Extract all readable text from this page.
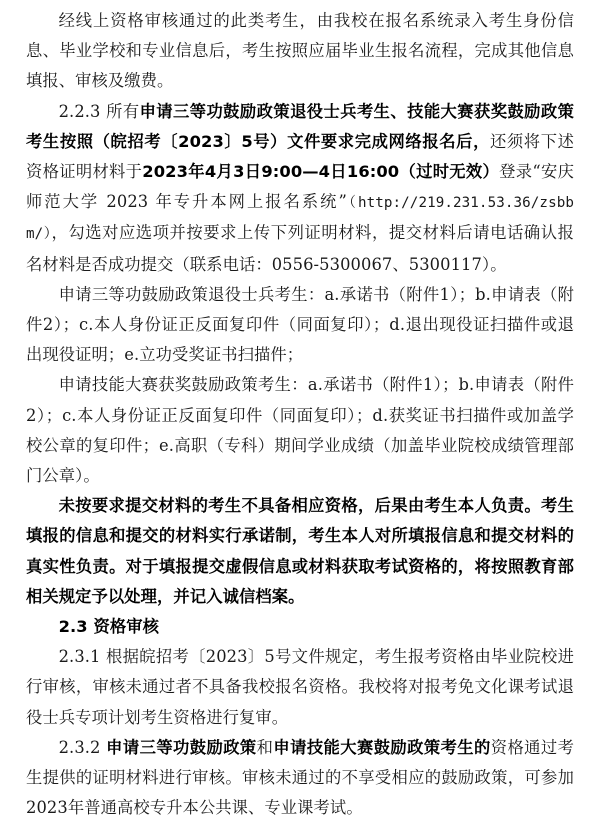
经线上资格审核通过的此类考生，由我校在报名系统录入考生身份信息、毕业学校和专业信息后，考生按照应届毕业生报名流程，完成其他信息填报、审核及缴费。

2.2.3 所有申请三等功鼓励政策退役士兵考生、技能大赛获奖鼓励政策考生按照（皖招考〔2023〕5号）文件要求完成网络报名后，还须将下述资格证明材料于2023年4月3日9:00—4日16:00（过时无效）登录“安庆师范大学 2023 年专升本网上报名系统”（http://219.231.53.36/zsbbm/），勾选对应选项并按要求上传下列证明材料，提交材料后请电话确认报名材料是否成功提交（联系电话：0556-5300067、5300117）。

申请三等功鼓励政策退役士兵考生：a.承诺书（附件1）；b.申请表（附件2）；c.本人身份证正反面复印件（同面复印）；d.退出现役证扫描件或退出现役证明；e.立功受奖证书扫描件；

申请技能大赛获奖鼓励政策考生：a.承诺书（附件1）；b.申请表（附件2）；c.本人身份证正反面复印件（同面复印）；d.获奖证书扫描件或加盖学校公章的复印件；e.高职（专科）期间学业成绩（加盖毕业院校成绩管理部门公章）。

未按要求提交材料的考生不具备相应资格，后果由考生本人负责。考生填报的信息和提交的材料实行承诺制，考生本人对所填报信息和提交材料的真实性负责。对于填报提交虚假信息或材料获取考试资格的，将按照教育部相关规定予以处理，并记入诚信档案。

2.3 资格审核

2.3.1 根据皖招考〔2023〕5号文件规定，考生报考资格由毕业院校进行审核，审核未通过者不具备我校报名资格。我校将对报考免文化课考试退役士兵专项计划考生资格进行复审。

2.3.2 申请三等功鼓励政策和申请技能大赛鼓励政策考生的资格通过考生提供的证明材料进行审核。审核未通过的不享受相应的鼓励政策，可参加2023年普通高校专升本公共课、专业课考试。
